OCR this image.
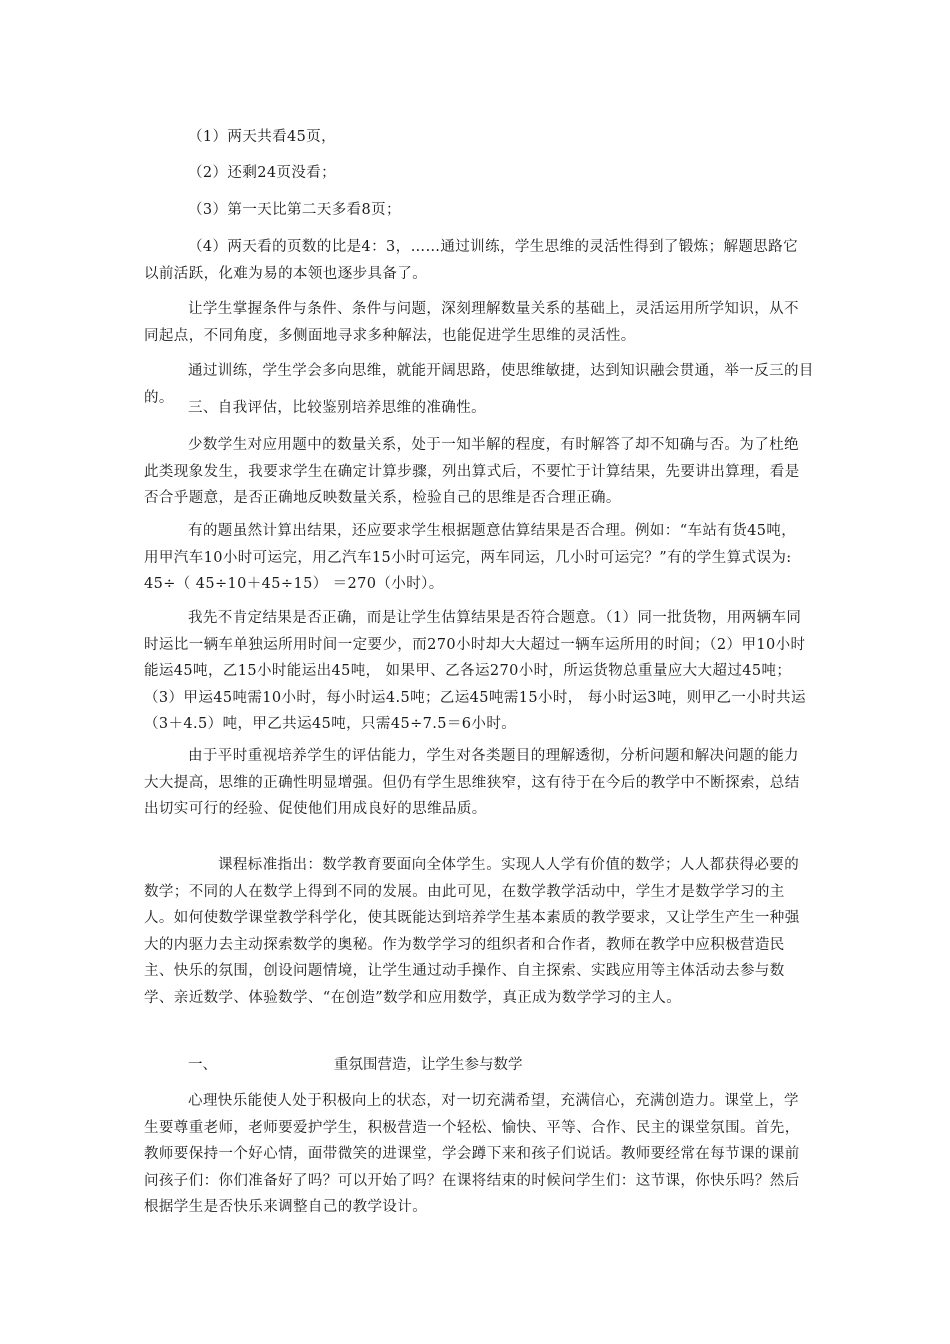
（1）两天共看45页，

（2）还剩24页没看；

（3）第一天比第二天多看8页；

（4）两天看的页数的比是4：3，……通过训练，学生思维的灵活性得到了锻炼；解题思路它以前活跃，化难为易的本领也逐步具备了。

让学生掌握条件与条件、条件与问题，深刻理解数量关系的基础上，灵活运用所学知识，从不同起点，不同角度，多侧面地寻求多种解法，也能促进学生思维的灵活性。

通过训练，学生学会多向思维，就能开阔思路，使思维敏捷，达到知识融会贯通，举一反三的目的。

三、自我评估，比较鉴别培养思维的准确性。

少数学生对应用题中的数量关系，处于一知半解的程度，有时解答了却不知确与否。为了杜绝此类现象发生，我要求学生在确定计算步骤，列出算式后，不要忙于计算结果，先要讲出算理，看是否合乎题意，是否正确地反映数量关系，检验自己的思维是否合理正确。

有的题虽然计算出结果，还应要求学生根据题意估算结果是否合理。例如：“车站有货45吨，用甲汽车10小时可运完，用乙汽车15小时可运完，两车同运，几小时可运完？”有的学生算式误为: 45÷（ 45÷10＋45÷15） ＝270（小时）。

我先不肯定结果是否正确，而是让学生估算结果是否符合题意。（1）同一批货物，用两辆车同时运比一辆车单独运所用时间一定要少，而270小时却大大超过一辆车运所用的时间；（2）甲10小时能运45吨，乙15小时能运出45吨， 如果甲、乙各运270小时，所运货物总重量应大大超过45吨；（3）甲运45吨需10小时，每小时运4.5吨；乙运45吨需15小时， 每小时运3吨，则甲乙一小时共运（3＋4.5）吨，甲乙共运45吨，只需45÷7.5＝6小时。

由于平时重视培养学生的评估能力，学生对各类题目的理解透彻，分析问题和解决问题的能力大大提高，思维的正确性明显增强。但仍有学生思维狭窄，这有待于在今后的教学中不断探索，总结出切实可行的经验、促使他们用成良好的思维品质。

课程标准指出：数学教育要面向全体学生。实现人人学有价值的数学；人人都获得必要的数学；不同的人在数学上得到不同的发展。由此可见，在数学教学活动中，学生才是数学学习的主人。如何使数学课堂教学科学化，使其既能达到培养学生基本素质的教学要求，又让学生产生一种强大的内驱力去主动探索数学的奥秘。作为数学学习的组织者和合作者，教师在教学中应积极营造民主、快乐的氛围，创设问题情境，让学生通过动手操作、自主探索、实践应用等主体活动去参与数学、亲近数学、体验数学、“在创造”数学和应用数学，真正成为数学学习的主人。

一、	重氛围营造，让学生参与数学

心理快乐能使人处于积极向上的状态，对一切充满希望，充满信心，充满创造力。课堂上，学生要尊重老师，老师要爱护学生，积极营造一个轻松、愉快、平等、合作、民主的课堂氛围。首先，教师要保持一个好心情，面带微笑的进课堂，学会蹲下来和孩子们说话。教师要经常在每节课的课前问孩子们：你们准备好了吗？可以开始了吗？在课将结束的时候问学生们：这节课，你快乐吗？然后根据学生是否快乐来调整自己的教学设计。
